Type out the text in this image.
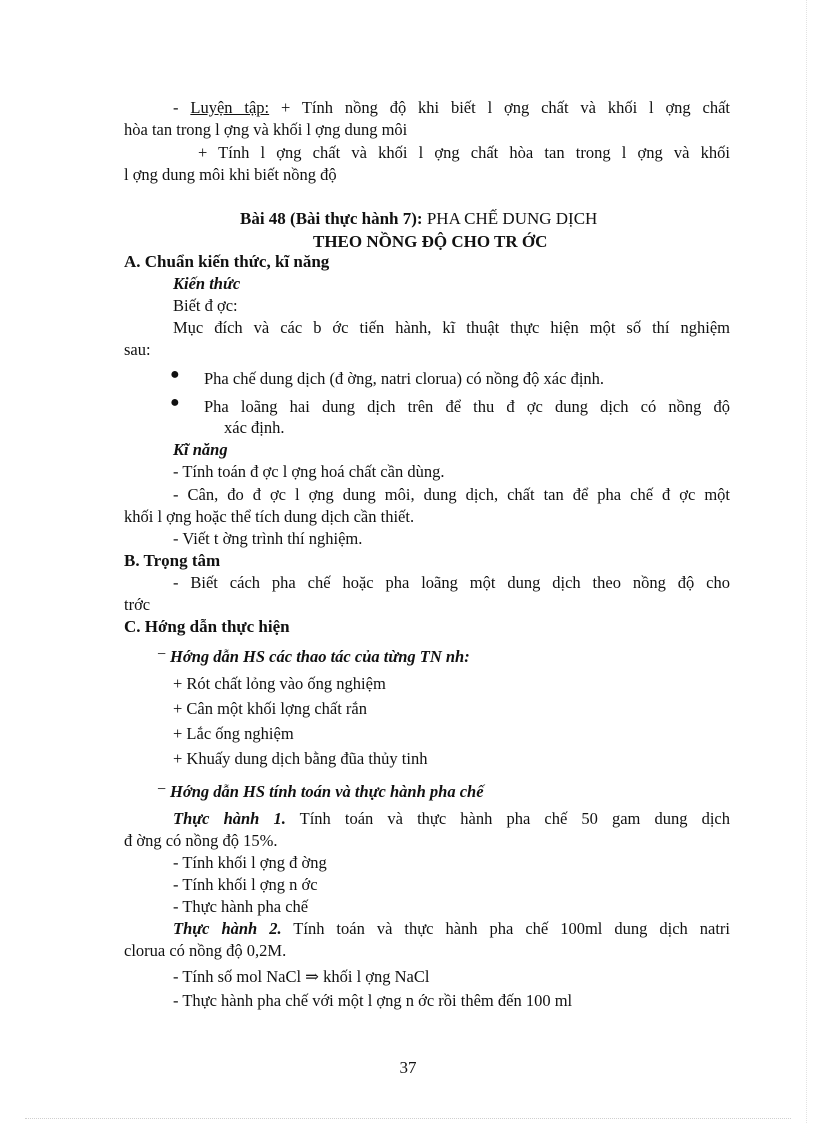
- Luyện tập: + Tính nồng độ khi biết l ợng chất và khối l ợng chất
hòa tan trong l ợng và khối l ợng dung môi
+ Tính l ợng chất và khối l ợng chất hòa tan trong l ợng và khối
l ợng dung môi khi biết nồng độ
Bài 48 (Bài thực hành 7): PHA CHẾ DUNG DỊCH
THEO NỒNG ĐỘ CHO TR ỚC
A. Chuẩn kiến thức, kĩ năng
Kiến thức
Biết đ ợc:
Mục đích và các b ớc tiến hành, kĩ thuật thực hiện một số thí nghiệm
sau:
● Pha chế dung dịch (đ ờng, natri clorua) có nồng độ xác định.
● Pha loãng hai dung dịch trên để thu đ ợc dung dịch có nồng độ
xác định.
Kĩ năng
- Tính toán đ ợc l ợng hoá chất cần dùng.
- Cân, đo đ ợc l ợng dung môi, dung dịch, chất tan để pha chế đ ợc một
khối l ợng hoặc thể tích dung dịch cần thiết.
- Viết t ờng trình thí nghiệm.
B. Trọng tâm
- Biết cách pha chế hoặc pha loãng một dung dịch theo nồng độ cho
trớc
C. Hớng dẫn thực hiện
− Hớng dẫn HS các thao tác của từng TN nh:
+ Rót chất lỏng vào ống nghiệm
+ Cân một khối lợng chất rắn
+ Lắc ống nghiệm
+ Khuấy dung dịch bằng đũa thủy tinh
− Hớng dẫn HS tính toán và thực hành pha chế
Thực hành 1. Tính toán và thực hành pha chế 50 gam dung dịch
đ ờng có nồng độ 15%.
- Tính khối l ợng đ ờng
- Tính khối l ợng n ớc
- Thực hành pha chế
Thực hành 2. Tính toán và thực hành pha chế 100ml dung dịch natri
clorua có nồng độ 0,2M.
- Tính số mol NaCl ⇒ khối l ợng NaCl
- Thực hành pha chế với một l ợng n ớc rồi thêm đến 100 ml
37
